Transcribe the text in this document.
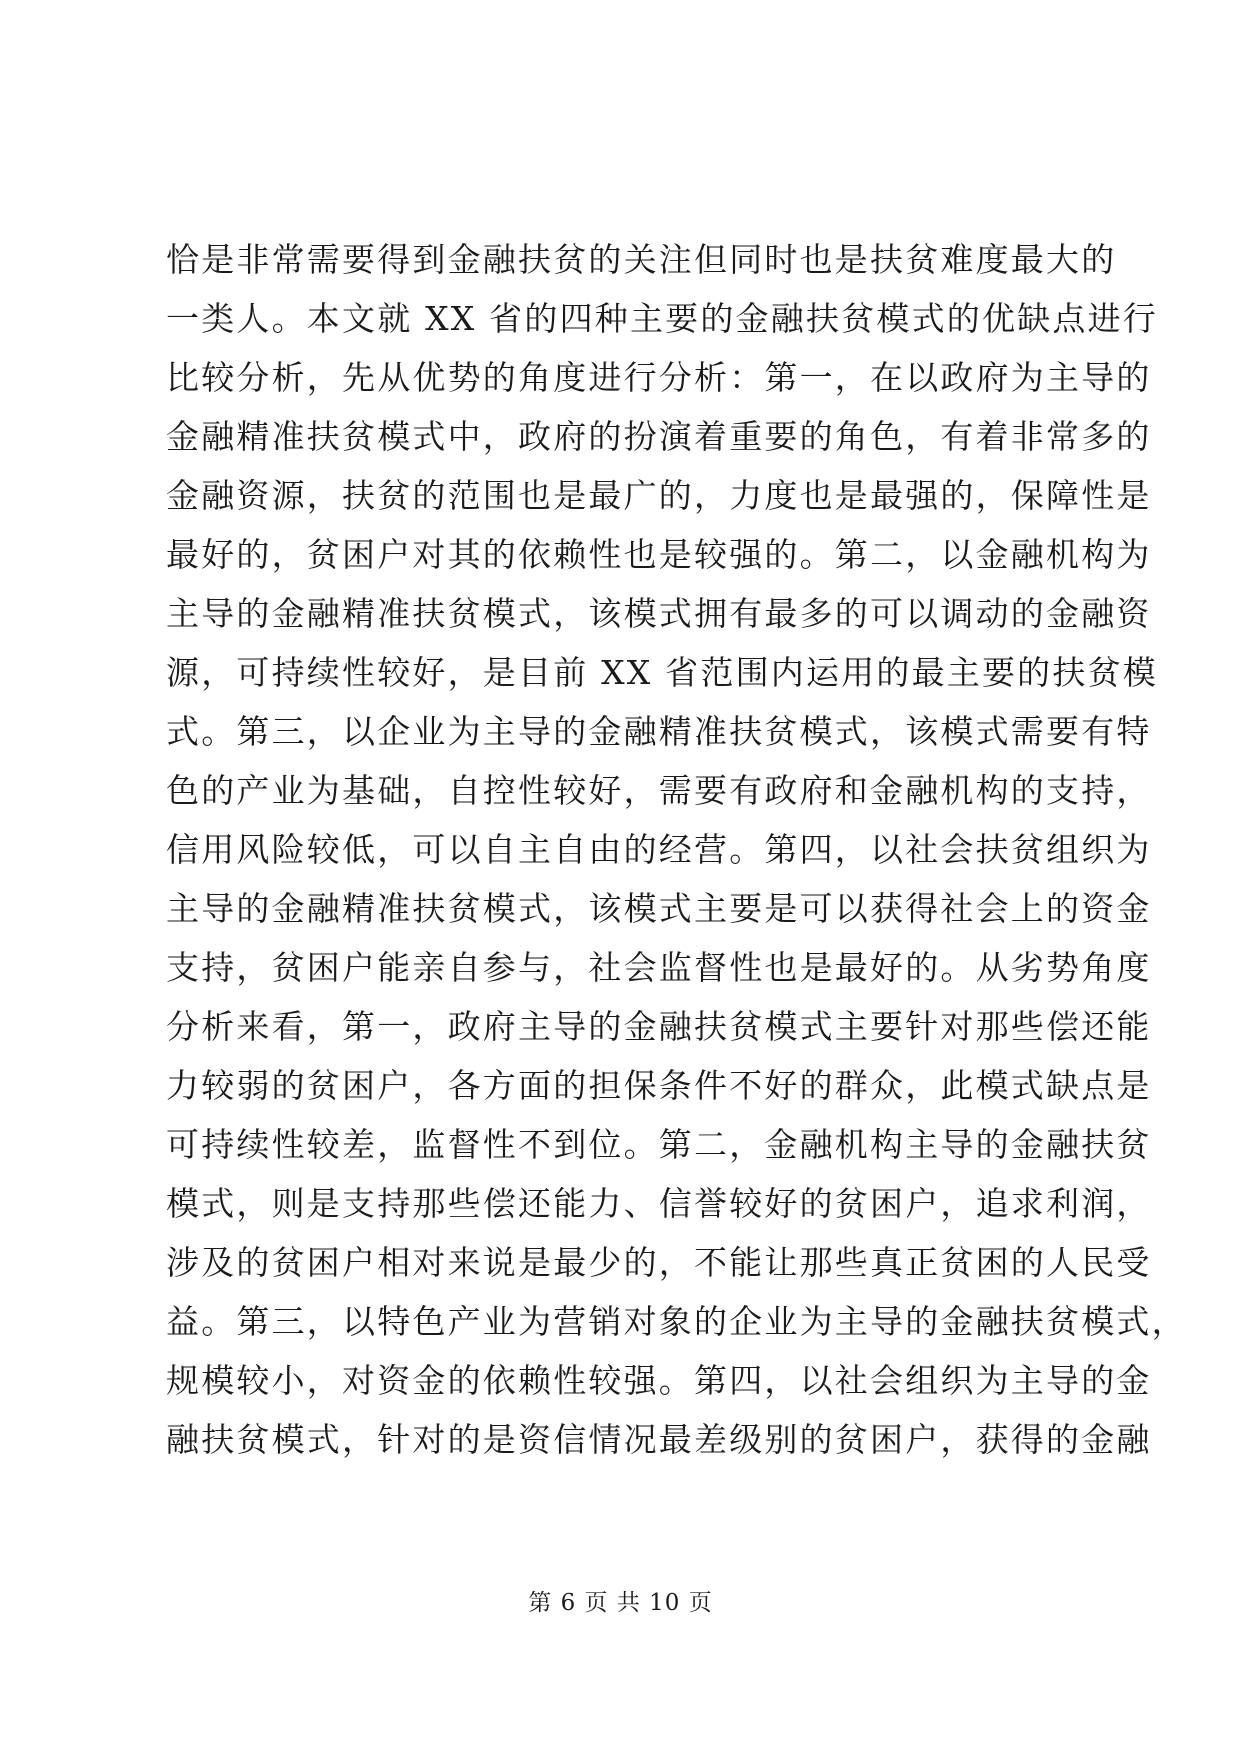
恰是非常需要得到金融扶贫的关注但同时也是扶贫难度最大的
一类人。本文就 XX 省的四种主要的金融扶贫模式的优缺点进行
比较分析，先从优势的角度进行分析：第一，在以政府为主导的
金融精准扶贫模式中，政府的扮演着重要的角色，有着非常多的
金融资源，扶贫的范围也是最广的，力度也是最强的，保障性是
最好的，贫困户对其的依赖性也是较强的。第二，以金融机构为
主导的金融精准扶贫模式，该模式拥有最多的可以调动的金融资
源，可持续性较好，是目前 XX 省范围内运用的最主要的扶贫模
式。第三，以企业为主导的金融精准扶贫模式，该模式需要有特
色的产业为基础，自控性较好，需要有政府和金融机构的支持，
信用风险较低，可以自主自由的经营。第四，以社会扶贫组织为
主导的金融精准扶贫模式，该模式主要是可以获得社会上的资金
支持，贫困户能亲自参与，社会监督性也是最好的。从劣势角度
分析来看，第一，政府主导的金融扶贫模式主要针对那些偿还能
力较弱的贫困户，各方面的担保条件不好的群众，此模式缺点是
可持续性较差，监督性不到位。第二，金融机构主导的金融扶贫
模式，则是支持那些偿还能力、信誉较好的贫困户，追求利润，
涉及的贫困户相对来说是最少的，不能让那些真正贫困的人民受
益。第三，以特色产业为营销对象的企业为主导的金融扶贫模式，
规模较小，对资金的依赖性较强。第四，以社会组织为主导的金
融扶贫模式，针对的是资信情况最差级别的贫困户，获得的金融
第 6 页 共 10 页
